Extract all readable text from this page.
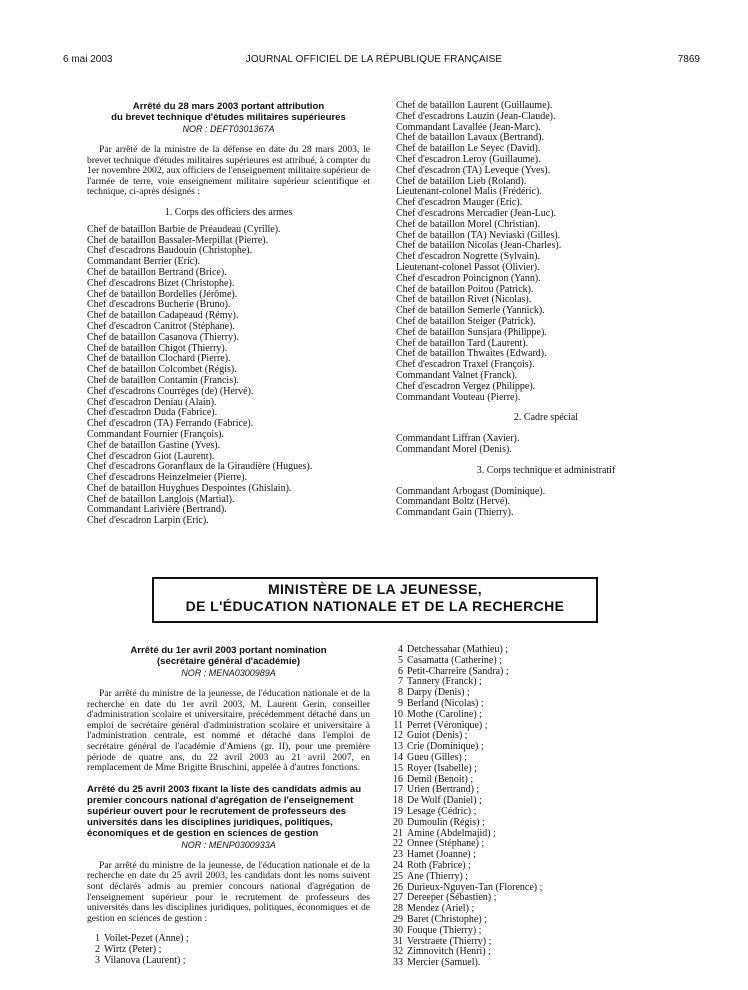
6 mai 2003	JOURNAL OFFICIEL DE LA RÉPUBLIQUE FRANÇAISE	7869
Arrêté du 28 mars 2003 portant attribution
du brevet technique d'études militaires supérieures
NOR : DEFT0301367A

Par arrêté de la ministre de la défense en date du 28 mars 2003, le brevet technique d'études militaires supérieures est attribué, à compter du 1er novembre 2002, aux officiers de l'enseignement militaire supérieur de l'armée de terre, voie enseignement militaire supérieur scientifique et technique, ci-après désignés :

1. Corps des officiers des armes
Chef de bataillon Barbie de Préaudeau (Cyrille).
Chef de bataillon Bassaler-Merpillat (Pierre).
Chef d'escadrons Baudouin (Christophe).
Commandant Berrier (Eric).
Chef de bataillon Bertrand (Brice).
Chef d'escadrons Bizet (Christophe).
Chef de bataillon Bordelles (Jérôme).
Chef d'escadrons Bucherie (Bruno).
Chef de bataillon Cadapeaud (Rémy).
Chef d'escadron Canitrot (Stéphane).
Chef de bataillon Casanova (Thierry).
Chef de bataillon Chigot (Thierry).
Chef de bataillon Clochard (Pierre).
Chef de bataillon Colcombet (Régis).
Chef de bataillon Contamin (Francis).
Chef d'escadrons Courrèges (de) (Hervé).
Chef d'escadron Deniau (Alain).
Chef d'escadron Duda (Fabrice).
Chef d'escadron (TA) Ferrando (Fabrice).
Commandant Fournier (François).
Chef de bataillon Gastine (Yves).
Chef d'escadron Giot (Laurent).
Chef d'escadrons Goranflaux de la Giraudière (Hugues).
Chef d'escadrons Heinzelmeier (Pierre).
Chef de bataillon Huyghues Despointes (Ghislain).
Chef de bataillon Langlois (Martial).
Commandant Larivière (Bertrand).
Chef d'escadron Larpin (Eric).
Chef de bataillon Laurent (Guillaume).
Chef d'escadrons Lauzin (Jean-Claude).
Commandant Lavallée (Jean-Marc).
Chef de bataillon Lavaux (Bertrand).
Chef de bataillon Le Seyec (David).
Chef d'escadron Leroy (Guillaume).
Chef d'escadron (TA) Leveque (Yves).
Chef de bataillon Lieb (Roland).
Lieutenant-colonel Malis (Frédéric).
Chef d'escadron Mauger (Eric).
Chef d'escadrons Mercadier (Jean-Luc).
Chef de bataillon Morel (Christian).
Chef de bataillon (TA) Neviaski (Gilles).
Chef de bataillon Nicolas (Jean-Charles).
Chef d'escadron Nogrette (Sylvain).
Lieutenant-colonel Passot (Olivier).
Chef d'escadron Poincignon (Yann).
Chef de bataillon Poitou (Patrick).
Chef de bataillon Rivet (Nicolas).
Chef de bataillon Semerle (Yannick).
Chef de bataillon Steiger (Patrick).
Chef de bataillon Sunsjara (Philippe).
Chef de bataillon Tard (Laurent).
Chef de bataillon Thwaites (Edward).
Chef d'escadron Traxel (François).
Commandant Valnet (Franck).
Chef d'escadron Vergez (Philippe).
Commandant Vouteau (Pierre).
2. Cadre spécial
Commandant Liffran (Xavier).
Commandant Morel (Denis).
3. Corps technique et administratif
Commandant Arbogast (Dominique).
Commandant Boltz (Hervé).
Commandant Gain (Thierry).
MINISTÈRE DE LA JEUNESSE,
DE L'ÉDUCATION NATIONALE ET DE LA RECHERCHE
Arrêté du 1er avril 2003 portant nomination
(secrétaire général d'académie)
NOR : MENA0300989A

Par arrêté du ministre de la jeunesse, de l'éducation nationale et de la recherche en date du 1er avril 2003, M. Laurent Gerin, conseiller d'administration scolaire et universitaire, précédemment détaché dans un emploi de secrétaire général d'administration scolaire et universitaire à l'administration centrale, est nommé et détaché dans l'emploi de secrétaire général de l'académie d'Amiens (gr. II), pour une première période de quatre ans, du 22 avril 2003 au 21 avril 2007, en remplacement de Mme Brigitte Bruschini, appelée à d'autres fonctions.

Arrêté du 25 avril 2003 fixant la liste des candidats admis au premier concours national d'agrégation de l'enseignement supérieur ouvert pour le recrutement de professeurs des universités dans les disciplines juridiques, politiques, économiques et de gestion en sciences de gestion
NOR : MENP0300933A

Par arrêté du ministre de la jeunesse, de l'éducation nationale et de la recherche en date du 25 avril 2003, les candidats dont les noms suivent sont déclarés admis au premier concours national d'agrégation de l'enseignement supérieur pour le recrutement de professeurs des universités dans les disciplines juridiques, politiques, économiques et de gestion en sciences de gestion :

1 Voilet-Pezet (Anne) ;
2 Wirtz (Peter) ;
3 Vilanova (Laurent) ;
4 Detchessahar (Mathieu) ;
5 Casamatta (Catherine) ;
6 Petit-Charreire (Sandra) ;
7 Tannery (Franck) ;
8 Darpy (Denis) ;
9 Berland (Nicolas) ;
10 Mothe (Caroline) ;
11 Perret (Véronique) ;
12 Guiot (Denis) ;
13 Crie (Dominique) ;
14 Gueu (Gilles) ;
15 Royer (Isabelle) ;
16 Demil (Benoit) ;
17 Urien (Bertrand) ;
18 De Wolf (Daniel) ;
19 Lesage (Cédric) ;
20 Dumoulin (Régis) ;
21 Amine (Abdelmajid) ;
22 Onnee (Stéphane) ;
23 Hamet (Joanne) ;
24 Roth (Fabrice) ;
25 Ane (Thierry) ;
26 Durieux-Nguyen-Tan (Florence) ;
27 Dereeper (Sébastien) ;
28 Mendez (Ariel) ;
29 Baret (Christophe) ;
30 Fouque (Thierry) ;
31 Verstraete (Thierry) ;
32 Zimnovitch (Henri) ;
33 Mercier (Samuel).
